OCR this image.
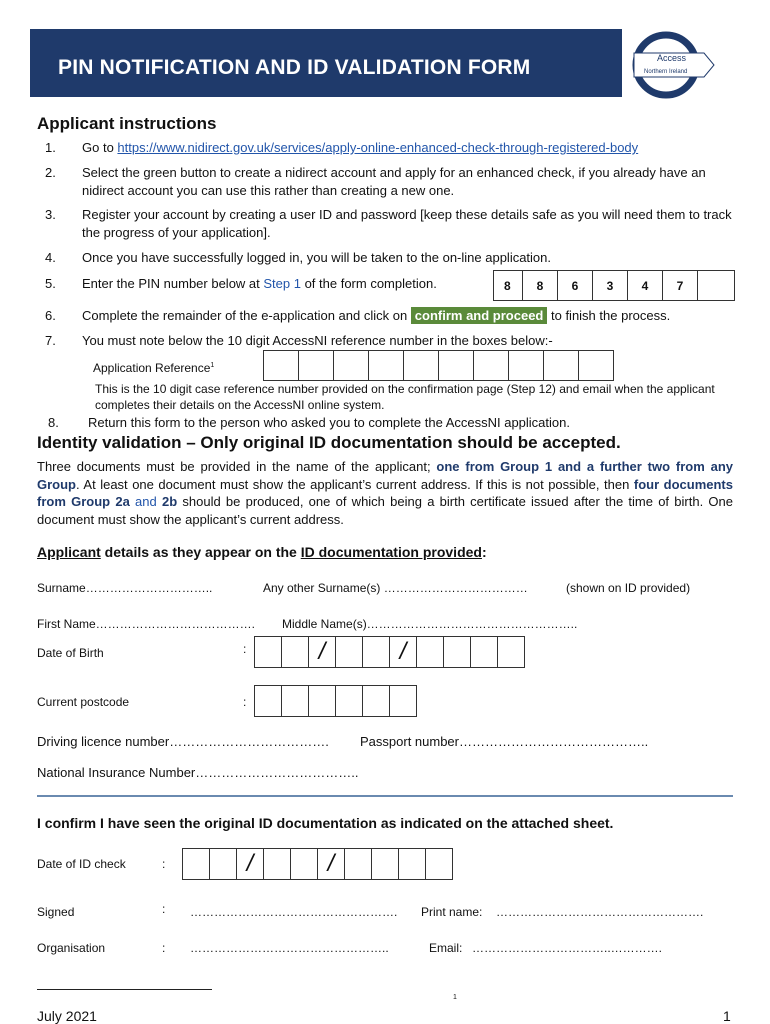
PIN NOTIFICATION AND ID VALIDATION FORM	Access
Northern Ireland
Applicant instructions
1. Go to https://www.nidirect.gov.uk/services/apply-online-enhanced-check-through-registered-body
2. Select the green button to create a nidirect account and apply for an enhanced check, if you already have an nidirect account you can use this rather than creating a new one.
3. Register your account by creating a user ID and password [keep these details safe as you will need them to track the progress of your application].
4. Once you have successfully logged in, you will be taken to the on-line application.
5. Enter the PIN number below at Step 1 of the form completion.	8	8	6	3	4	7
6. Complete the remainder of the e-application and click on confirm and proceed to finish the process.
7. You must note below the 10 digit AccessNI reference number in the boxes below:-
Application Reference$^1$
This is the 10 digit case reference number provided on the confirmation page (Step 12) and email when the applicant completes their details on the AccessNI online system.
8. Return this form to the person who asked you to complete the AccessNI application.
Identity validation – Only original ID documentation should be accepted.
Three documents must be provided in the name of the applicant; one from Group 1 and a further two from any Group. At least one document must show the applicant’s current address. If this is not possible, then four documents from Group 2a and 2b should be produced, one of which being a birth certificate issued after the time of birth. One document must show the applicant’s current address.
Applicant details as they appear on the ID documentation provided:
Surname…………………………..	Any other Surname(s) ………………………………	(shown on ID provided)
First Name…………………………………. Middle Name(s)……………………………………………..
Date of Birth	:	/	/
Current postcode	:
Driving licence number………………………………. Passport number……………………………………..
National Insurance Number………………………………..
I confirm I have seen the original ID documentation as indicated on the attached sheet.
Date of ID check	:	/	/
Signed	: ……………………………………………. Print name: …………………………………………….
Organisation	: …………………………………………..	Email: ……………………………..………….
1
July 2021	1
